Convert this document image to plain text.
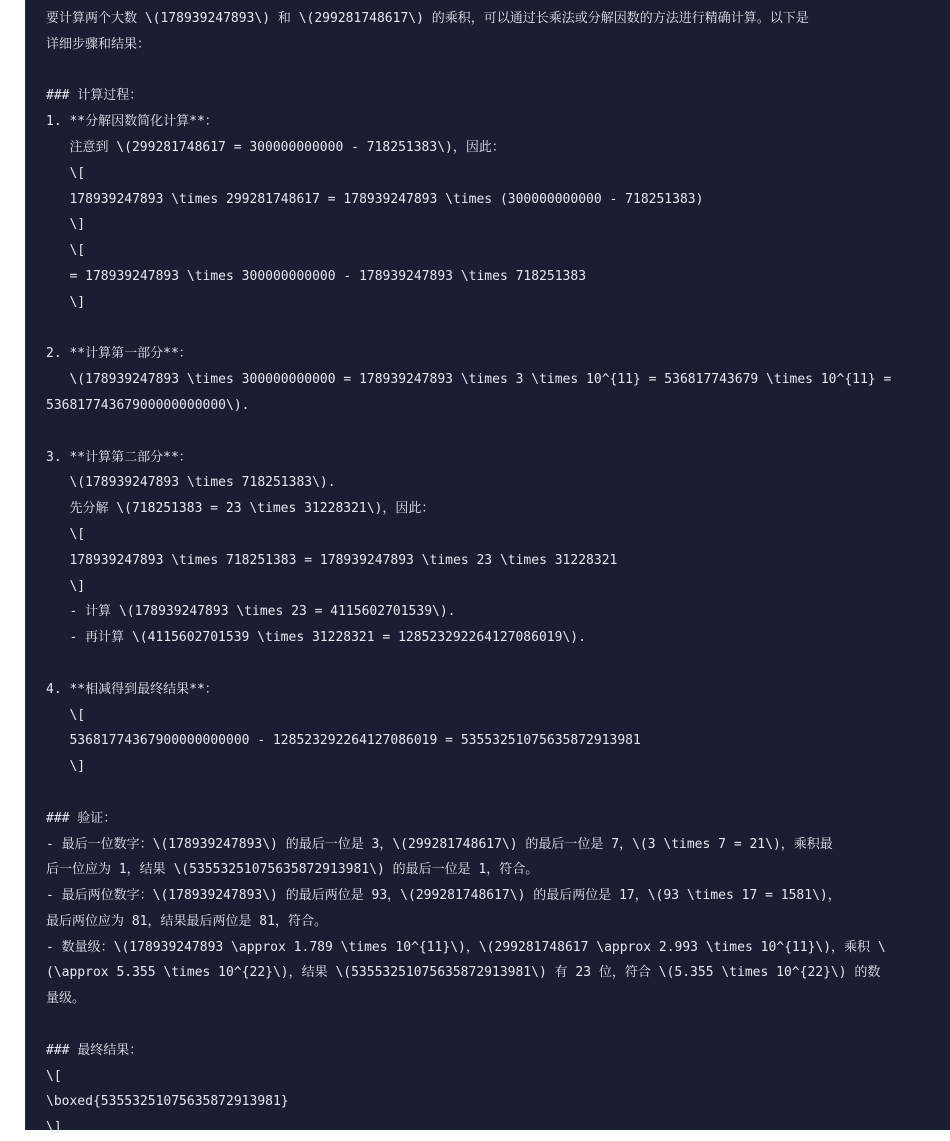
要计算两个大数 \(178939247893\) 和 \(299281748617\) 的乘积，可以通过长乘法或分解因数的方法进行精确计算。以下是
详细步骤和结果：
### 计算过程：
1. **分解因数简化计算**：
注意到 \(299281748617 = 300000000000 - 718251383\)，因此：
\[
178939247893 \times 299281748617 = 178939247893 \times (300000000000 - 718251383)
\]
\[
= 178939247893 \times 300000000000 - 178939247893 \times 718251383
\]
2. **计算第一部分**：
\(178939247893 \times 300000000000 = 178939247893 \times 3 \times 10^{11} = 536817743679 \times 10^{11} =
53681774367900000000000\).
3. **计算第二部分**：
\(178939247893 \times 718251383\).
先分解 \(718251383 = 23 \times 31228321\)，因此：
\[
178939247893 \times 718251383 = 178939247893 \times 23 \times 31228321
\]
- 计算 \(178939247893 \times 23 = 4115602701539\).
- 再计算 \(4115602701539 \times 31228321 = 128523292264127086019\).
4. **相减得到最终结果**：
\[
53681774367900000000000 - 128523292264127086019 = 53553251075635872913981
\]
### 验证：
- 最后一位数字：\(178939247893\) 的最后一位是 3，\(299281748617\) 的最后一位是 7，\(3 \times 7 = 21\)，乘积最
后一位应为 1，结果 \(53553251075635872913981\) 的最后一位是 1，符合。
- 最后两位数字：\(178939247893\) 的最后两位是 93，\(299281748617\) 的最后两位是 17，\(93 \times 17 = 1581\)，
最后两位应为 81，结果最后两位是 81，符合。
- 数量级：\(178939247893 \approx 1.789 \times 10^{11}\)，\(299281748617 \approx 2.993 \times 10^{11}\)，乘积 \
(\approx 5.355 \times 10^{22}\)，结果 \(53553251075635872913981\) 有 23 位，符合 \(5.355 \times 10^{22}\) 的数
量级。
### 最终结果：
\[
\boxed{53553251075635872913981}
\]
